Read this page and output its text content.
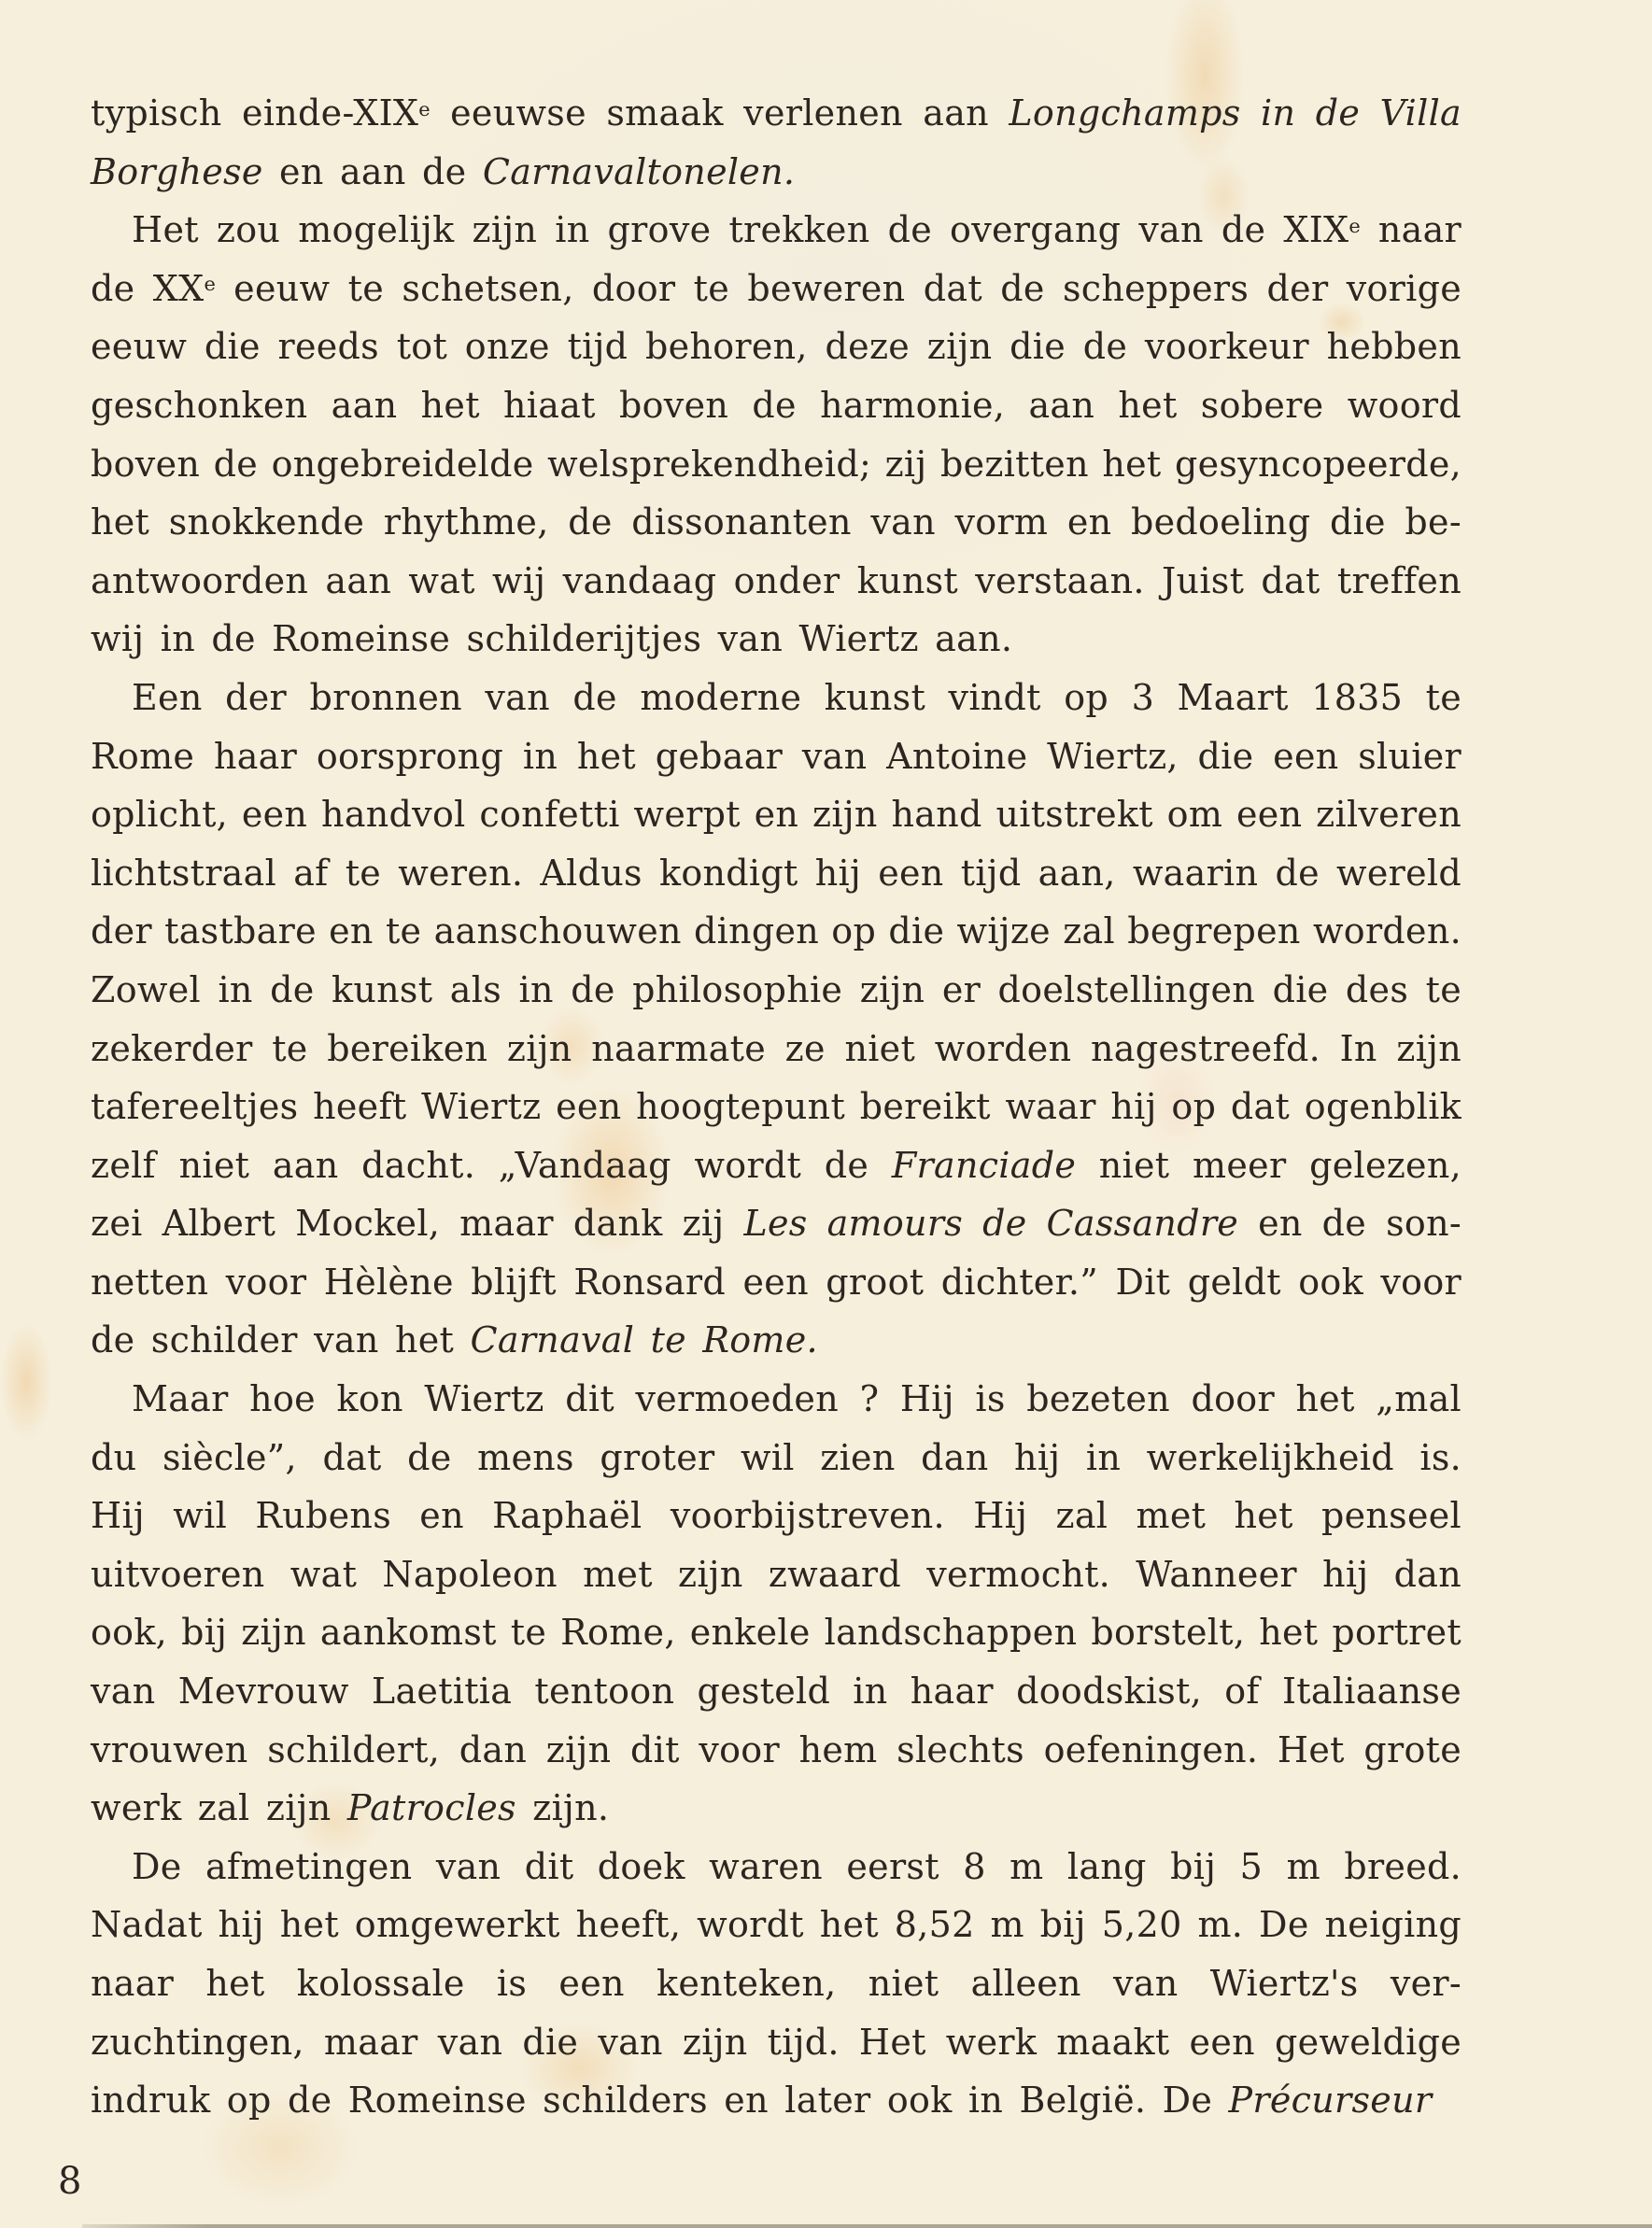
typisch einde-XIXe eeuwse smaak verlenen aan Longchamps in de Villa
Borghese en aan de Carnavaltonelen.
Het zou mogelijk zijn in grove trekken de overgang van de XIXe naar
de XXe eeuw te schetsen, door te beweren dat de scheppers der vorige
eeuw die reeds tot onze tijd behoren, deze zijn die de voorkeur hebben
geschonken aan het hiaat boven de harmonie, aan het sobere woord
boven de ongebreidelde welsprekendheid; zij bezitten het gesyncopeerde,
het snokkende rhythme, de dissonanten van vorm en bedoeling die be-
antwoorden aan wat wij vandaag onder kunst verstaan. Juist dat treffen
wij in de Romeinse schilderijtjes van Wiertz aan.
Een der bronnen van de moderne kunst vindt op 3 Maart 1835 te
Rome haar oorsprong in het gebaar van Antoine Wiertz, die een sluier
oplicht, een handvol confetti werpt en zijn hand uitstrekt om een zilveren
lichtstraal af te weren. Aldus kondigt hij een tijd aan, waarin de wereld
der tastbare en te aanschouwen dingen op die wijze zal begrepen worden.
Zowel in de kunst als in de philosophie zijn er doelstellingen die des te
zekerder te bereiken zijn naarmate ze niet worden nagestreefd. In zijn
tafereeltjes heeft Wiertz een hoogtepunt bereikt waar hij op dat ogenblik
zelf niet aan dacht. „Vandaag wordt de Franciade niet meer gelezen,
zei Albert Mockel, maar dank zij Les amours de Cassandre en de son-
netten voor Hèlène blijft Ronsard een groot dichter.” Dit geldt ook voor
de schilder van het Carnaval te Rome.
Maar hoe kon Wiertz dit vermoeden ? Hij is bezeten door het „mal
du siècle”, dat de mens groter wil zien dan hij in werkelijkheid is.
Hij wil Rubens en Raphaël voorbijstreven. Hij zal met het penseel
uitvoeren wat Napoleon met zijn zwaard vermocht. Wanneer hij dan
ook, bij zijn aankomst te Rome, enkele landschappen borstelt, het portret
van Mevrouw Laetitia tentoon gesteld in haar doodskist, of Italiaanse
vrouwen schildert, dan zijn dit voor hem slechts oefeningen. Het grote
werk zal zijn Patrocles zijn.
De afmetingen van dit doek waren eerst 8 m lang bij 5 m breed.
Nadat hij het omgewerkt heeft, wordt het 8,52 m bij 5,20 m. De neiging
naar het kolossale is een kenteken, niet alleen van Wiertz's ver-
zuchtingen, maar van die van zijn tijd. Het werk maakt een geweldige
indruk op de Romeinse schilders en later ook in België. De Précurseur
8
